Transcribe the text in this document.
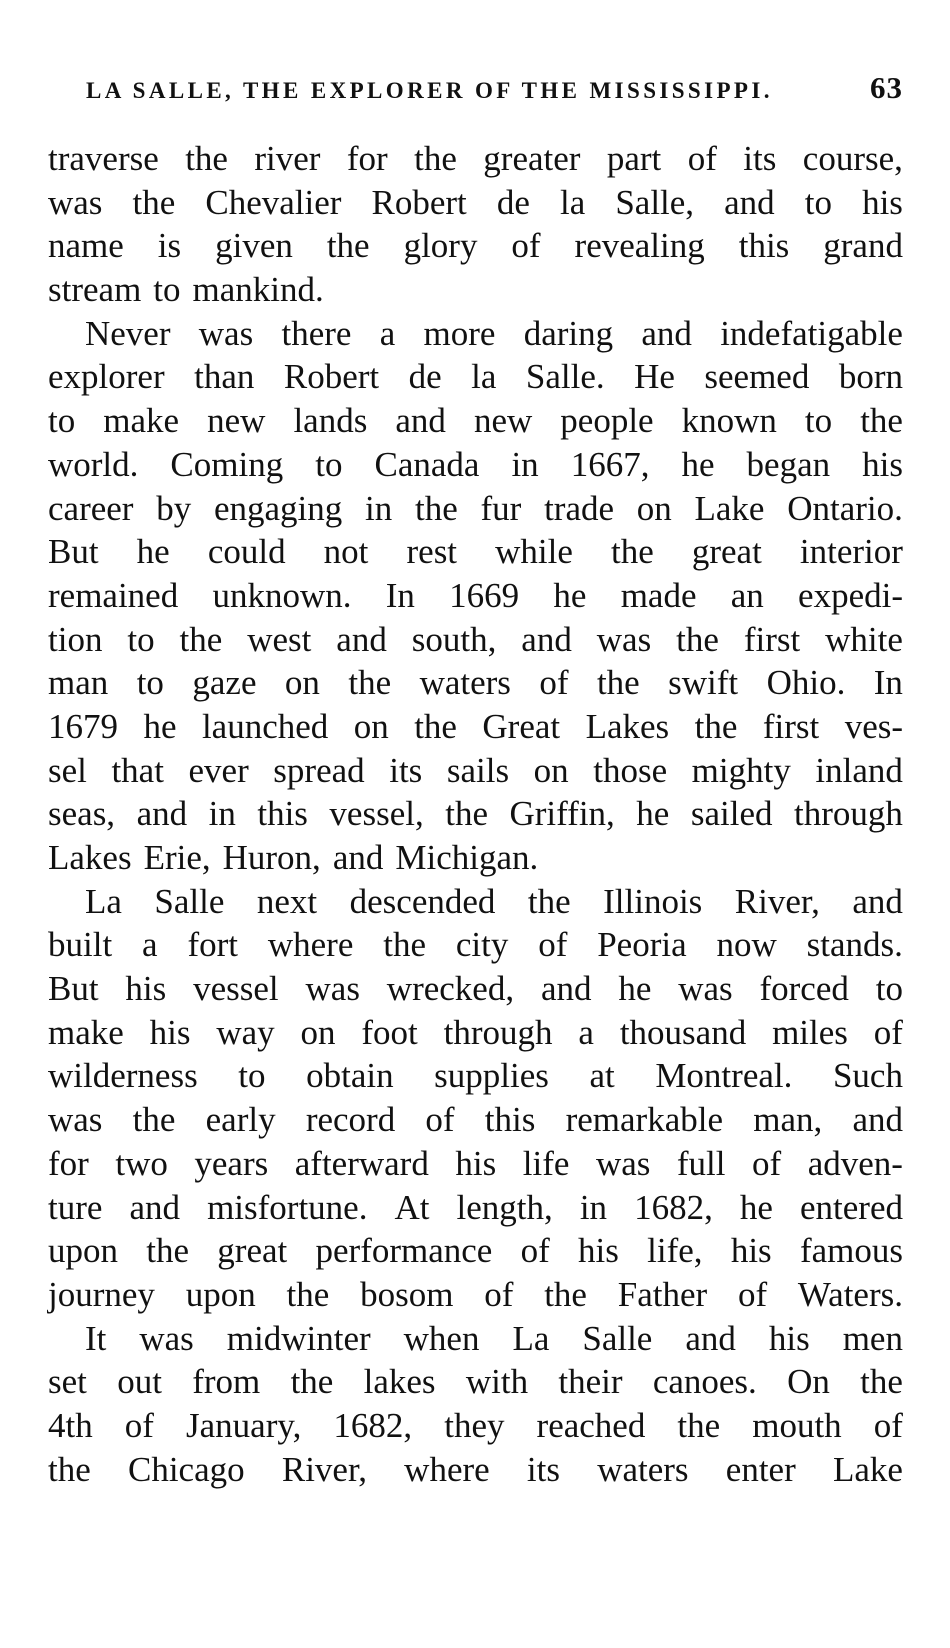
LA SALLE, THE EXPLORER OF THE MISSISSIPPI.	63
traverse the river for the greater part of its course,
was the Chevalier Robert de la Salle, and to his
name is given the glory of revealing this grand
stream to mankind.
Never was there a more daring and indefatigable
explorer than Robert de la Salle. He seemed born
to make new lands and new people known to the
world. Coming to Canada in 1667, he began his
career by engaging in the fur trade on Lake Ontario.
But he could not rest while the great interior
remained unknown. In 1669 he made an expedi-
tion to the west and south, and was the first white
man to gaze on the waters of the swift Ohio. In
1679 he launched on the Great Lakes the first ves-
sel that ever spread its sails on those mighty inland
seas, and in this vessel, the Griffin, he sailed through
Lakes Erie, Huron, and Michigan.
La Salle next descended the Illinois River, and
built a fort where the city of Peoria now stands.
But his vessel was wrecked, and he was forced to
make his way on foot through a thousand miles of
wilderness to obtain supplies at Montreal. Such
was the early record of this remarkable man, and
for two years afterward his life was full of adven-
ture and misfortune. At length, in 1682, he entered
upon the great performance of his life, his famous
journey upon the bosom of the Father of Waters.
It was midwinter when La Salle and his men
set out from the lakes with their canoes. On the
4th of January, 1682, they reached the mouth of
the Chicago River, where its waters enter Lake
